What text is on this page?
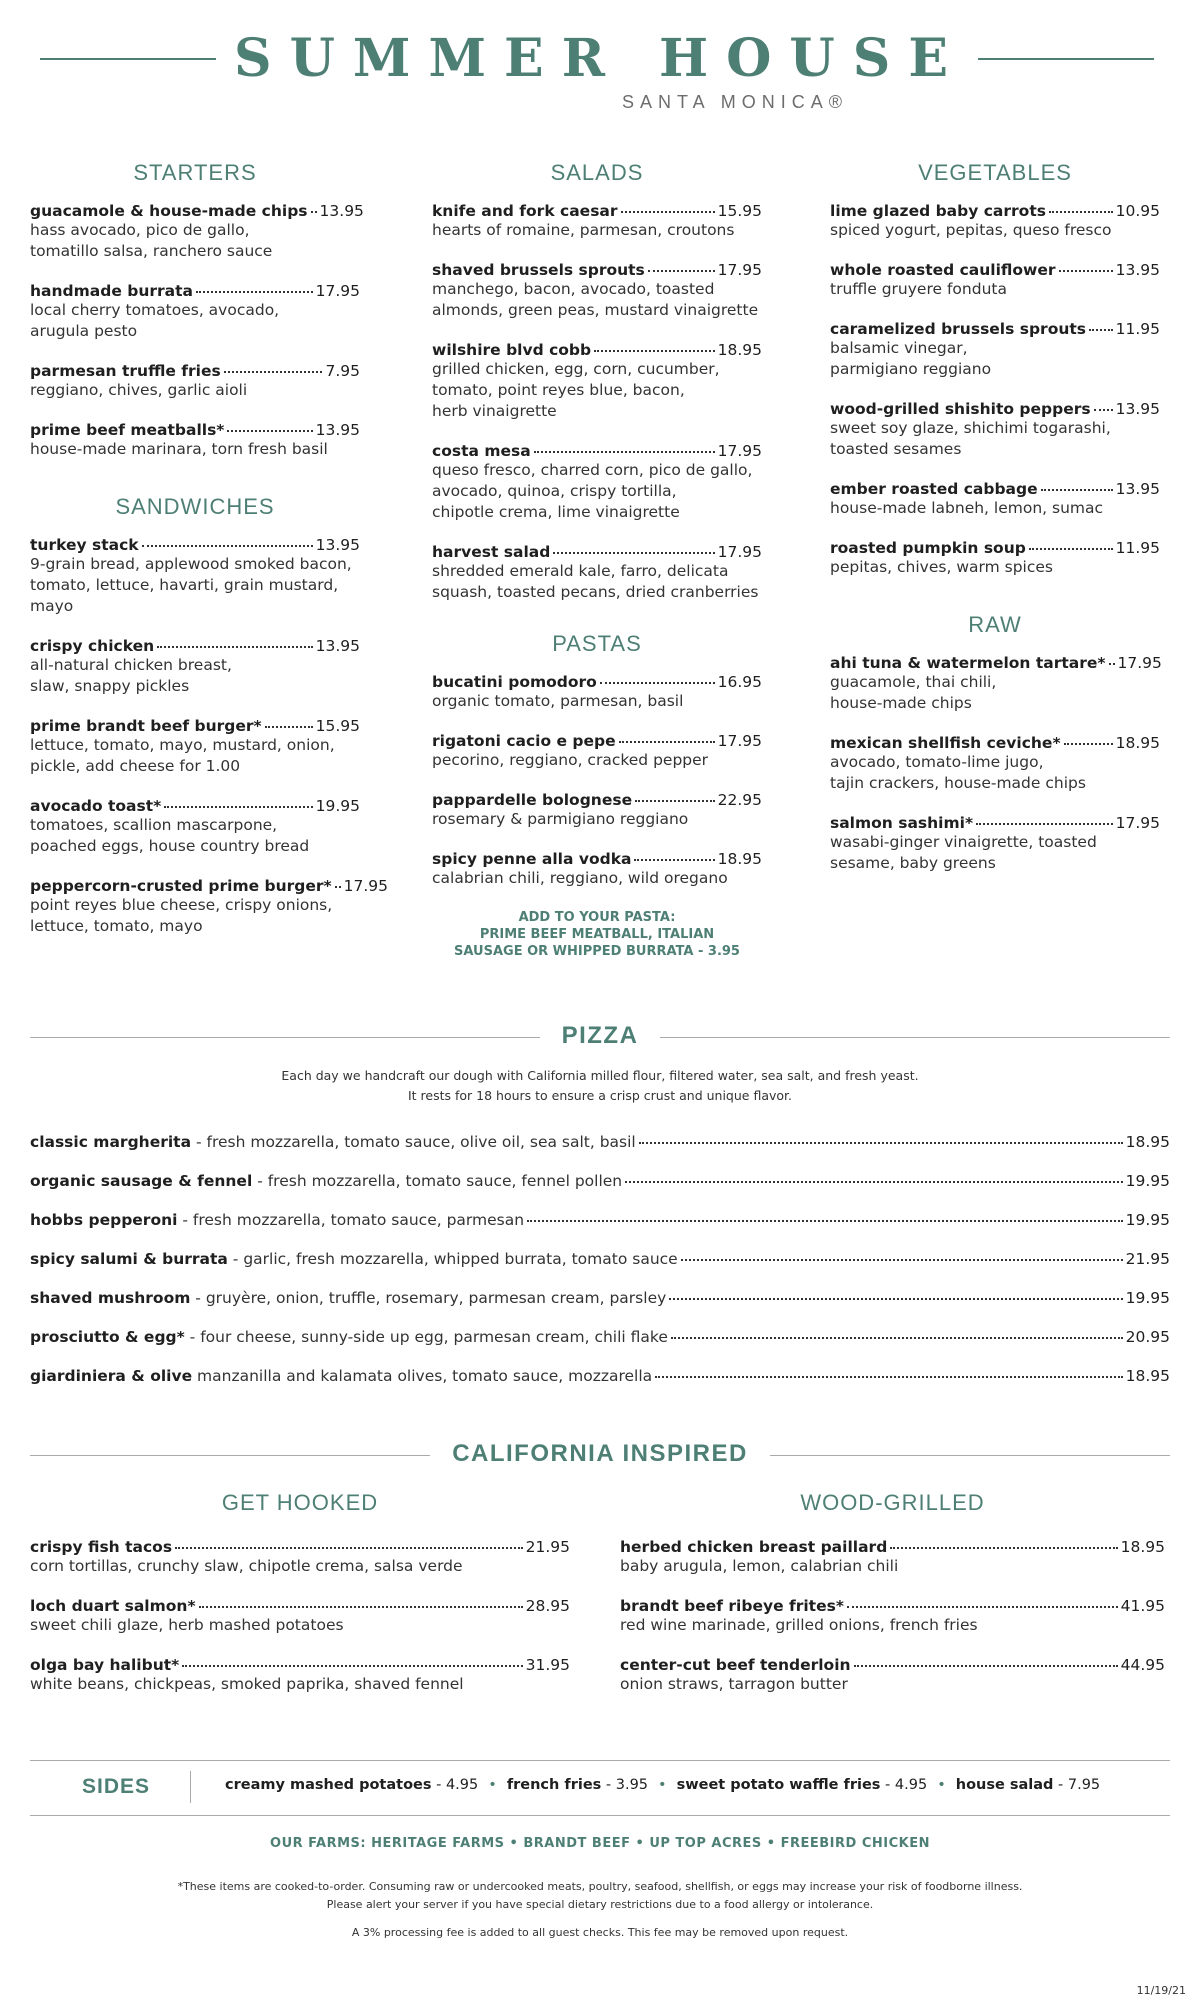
SUMMER HOUSE
SANTA MONICA®
STARTERS
guacamole & house-made chips 13.95
hass avocado, pico de gallo,
tomatillo salsa, ranchero sauce
handmade burrata	17.95
local cherry tomatoes, avocado,
arugula pesto
parmesan truffle fries	7.95
reggiano, chives, garlic aioli
prime beef meatballs*	13.95
house-made marinara, torn fresh basil
SANDWICHES
turkey stack	13.95
9-grain bread, applewood smoked bacon,
tomato, lettuce, havarti, grain mustard, mayo
crispy chicken	13.95
all-natural chicken breast,
slaw, snappy pickles
prime brandt beef burger*	15.95
lettuce, tomato, mayo, mustard, onion,
pickle, add cheese for 1.00
avocado toast*	19.95
tomatoes, scallion mascarpone,
poached eggs, house country bread
peppercorn-crusted prime burger* 17.95
point reyes blue cheese, crispy onions,
lettuce, tomato, mayo
SALADS
knife and fork caesar	15.95
hearts of romaine, parmesan, croutons
shaved brussels sprouts	17.95
manchego, bacon, avocado, toasted
almonds, green peas, mustard vinaigrette
wilshire blvd cobb	18.95
grilled chicken, egg, corn, cucumber,
tomato, point reyes blue, bacon,
herb vinaigrette
costa mesa	17.95
queso fresco, charred corn, pico de gallo,
avocado, quinoa, crispy tortilla,
chipotle crema, lime vinaigrette
harvest salad	17.95
shredded emerald kale, farro, delicata
squash, toasted pecans, dried cranberries
PASTAS
bucatini pomodoro	16.95
organic tomato, parmesan, basil
rigatoni cacio e pepe	17.95
pecorino, reggiano, cracked pepper
pappardelle bolognese	22.95
rosemary & parmigiano reggiano
spicy penne alla vodka	18.95
calabrian chili, reggiano, wild oregano
ADD TO YOUR PASTA:
PRIME BEEF MEATBALL, ITALIAN
SAUSAGE OR WHIPPED BURRATA - 3.95
VEGETABLES
lime glazed baby carrots	10.95
spiced yogurt, pepitas, queso fresco
whole roasted cauliflower	13.95
truffle gruyere fonduta
caramelized brussels sprouts 11.95
balsamic vinegar,
parmigiano reggiano
wood-grilled shishito peppers 13.95
sweet soy glaze, shichimi togarashi,
toasted sesames
ember roasted cabbage	13.95
house-made labneh, lemon, sumac
roasted pumpkin soup	11.95
pepitas, chives, warm spices
RAW
ahi tuna & watermelon tartare* 17.95
guacamole, thai chili,
house-made chips
mexican shellfish ceviche*	18.95
avocado, tomato-lime jugo,
tajin crackers, house-made chips
salmon sashimi*	17.95
wasabi-ginger vinaigrette, toasted
sesame, baby greens
PIZZA
Each day we handcraft our dough with California milled flour, filtered water, sea salt, and fresh yeast.
It rests for 18 hours to ensure a crisp crust and unique flavor.
classic margherita - fresh mozzarella, tomato sauce, olive oil, sea salt, basil	18.95
organic sausage & fennel - fresh mozzarella, tomato sauce, fennel pollen	19.95
hobbs pepperoni - fresh mozzarella, tomato sauce, parmesan	19.95
spicy salumi & burrata - garlic, fresh mozzarella, whipped burrata, tomato sauce	21.95
shaved mushroom - gruyère, onion, truffle, rosemary, parmesan cream, parsley	19.95
prosciutto & egg* - four cheese, sunny-side up egg, parmesan cream, chili flake	20.95
giardiniera & olive manzanilla and kalamata olives, tomato sauce, mozzarella	18.95
CALIFORNIA INSPIRED
GET HOOKED
crispy fish tacos	21.95
corn tortillas, crunchy slaw, chipotle crema, salsa verde
loch duart salmon*	28.95
sweet chili glaze, herb mashed potatoes
olga bay halibut*	31.95
white beans, chickpeas, smoked paprika, shaved fennel
WOOD-GRILLED
herbed chicken breast paillard	18.95
baby arugula, lemon, calabrian chili
brandt beef ribeye frites*	41.95
red wine marinade, grilled onions, french fries
center-cut beef tenderloin	44.95
onion straws, tarragon butter
SIDES	creamy mashed potatoes - 4.95 • french fries - 3.95 • sweet potato waffle fries - 4.95 • house salad - 7.95
OUR FARMS: HERITAGE FARMS • BRANDT BEEF • UP TOP ACRES • FREEBIRD CHICKEN
*These items are cooked-to-order. Consuming raw or undercooked meats, poultry, seafood, shellfish, or eggs may increase your risk of foodborne illness.
Please alert your server if you have special dietary restrictions due to a food allergy or intolerance.
A 3% processing fee is added to all guest checks. This fee may be removed upon request.
11/19/21
